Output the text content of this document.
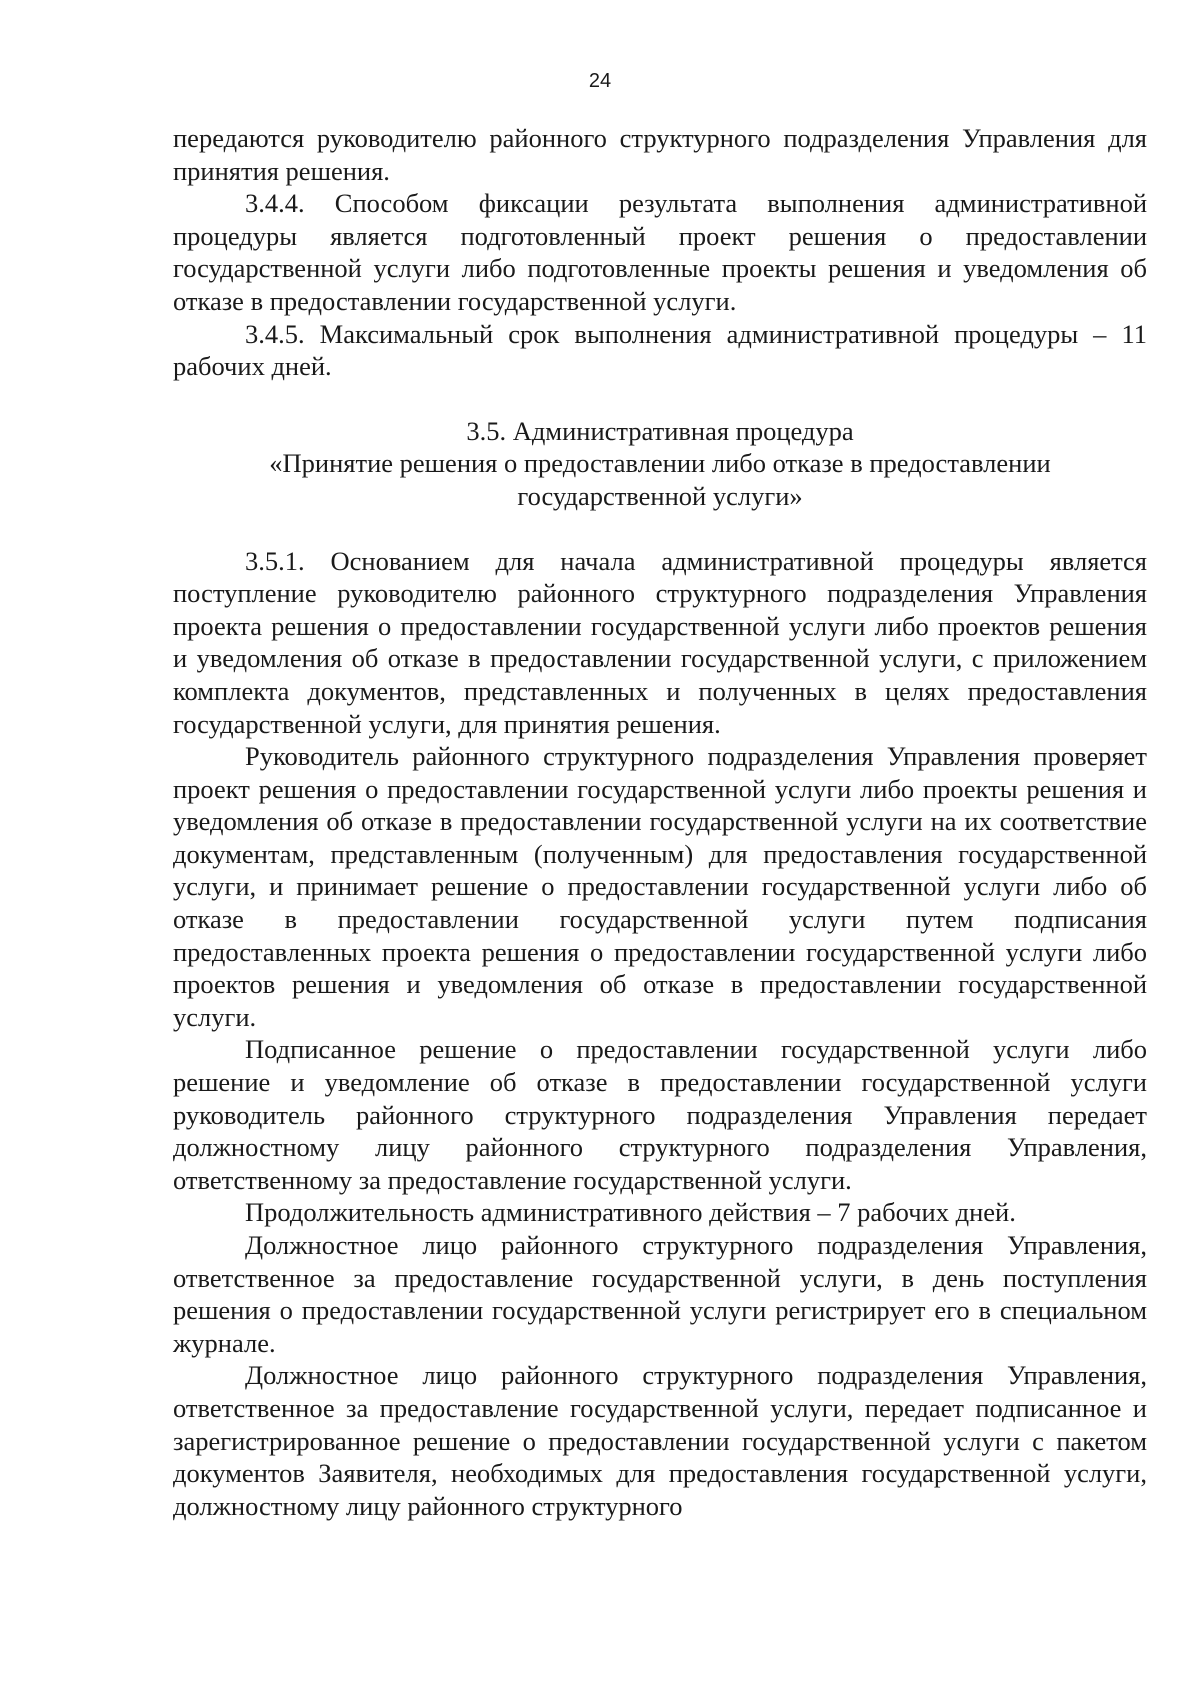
24

передаются руководителю районного структурного подразделения Управления для принятия решения.

3.4.4. Способом фиксации результата выполнения административной процедуры является подготовленный проект решения о предоставлении государственной услуги либо подготовленные проекты решения и уведомления об отказе в предоставлении государственной услуги.

3.4.5. Максимальный срок выполнения административной процедуры – 11 рабочих дней.

3.5. Административная процедура
«Принятие решения о предоставлении либо отказе в предоставлении
государственной услуги»

3.5.1. Основанием для начала административной процедуры является поступление руководителю районного структурного подразделения Управления проекта решения о предоставлении государственной услуги либо проектов решения и уведомления об отказе в предоставлении государственной услуги, с приложением комплекта документов, представленных и полученных в целях предоставления государственной услуги, для принятия решения.

Руководитель районного структурного подразделения Управления проверяет проект решения о предоставлении государственной услуги либо проекты решения и уведомления об отказе в предоставлении государственной услуги на их соответствие документам, представленным (полученным) для предоставления государственной услуги, и принимает решение о предоставлении государственной услуги либо об отказе в предоставлении государственной услуги путем подписания предоставленных проекта решения о предоставлении государственной услуги либо проектов решения и уведомления об отказе в предоставлении государственной услуги.

Подписанное решение о предоставлении государственной услуги либо решение и уведомление об отказе в предоставлении государственной услуги руководитель районного структурного подразделения Управления передает должностному лицу районного структурного подразделения Управления, ответственному за предоставление государственной услуги.

Продолжительность административного действия – 7 рабочих дней.

Должностное лицо районного структурного подразделения Управления, ответственное за предоставление государственной услуги, в день поступления решения о предоставлении государственной услуги регистрирует его в специальном журнале.

Должностное лицо районного структурного подразделения Управления, ответственное за предоставление государственной услуги, передает подписанное и зарегистрированное решение о предоставлении государственной услуги с пакетом документов Заявителя, необходимых для предоставления государственной услуги, должностному лицу районного структурного
